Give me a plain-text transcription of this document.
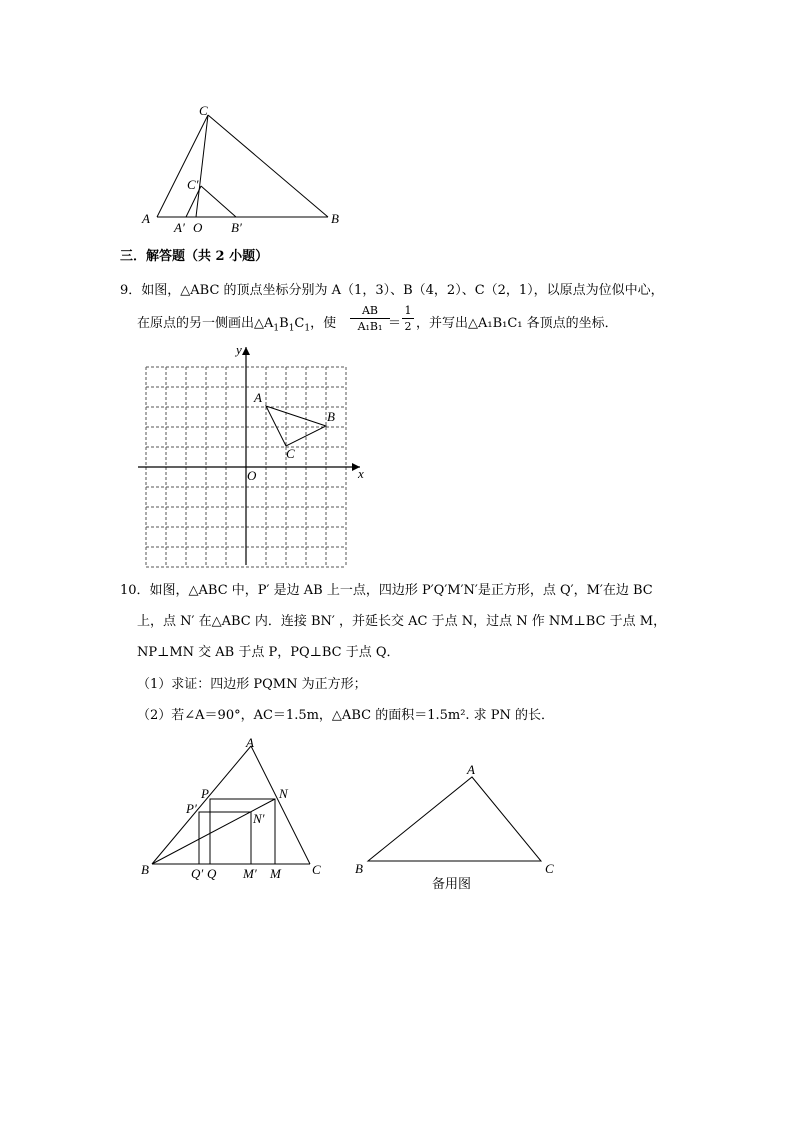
C
C′
A
A′ O B′
B
三．解答题（共 2 小题）
9．如图，△ABC 的顶点坐标分别为 A（1，3）、B（4，2）、C（2，1），以原点为位似中心，
在原点的另一侧画出$\triangle A_1B_1C_1$，使 $\frac{AB}{\text{A₁B₁}}$
＝ $\frac{1}{2}$ ，并写出△A₁B₁C₁ 各顶点的坐标．
y
x
O
A
B
C
10．如图，△ABC 中，P′ 是边 AB 上一点，四边形 P′Q′M′N′是正方形，点 Q′，M′在边 BC
上，点 N′ 在△ABC 内．连接 BN′ ，并延长交 AC 于点 N，过点 N 作 NM⊥BC 于点 M，
NP⊥MN 交 AB 于点 P，PQ⊥BC 于点 Q．
（1）求证：四边形 PQMN 为正方形；
（2）若∠A＝90°，AC＝1.5m，△ABC 的面积＝1.5m². 求 PN 的长．
A
P
P′
N
N′
B	Q′ Q M′ M C
A
B	C
备用图
